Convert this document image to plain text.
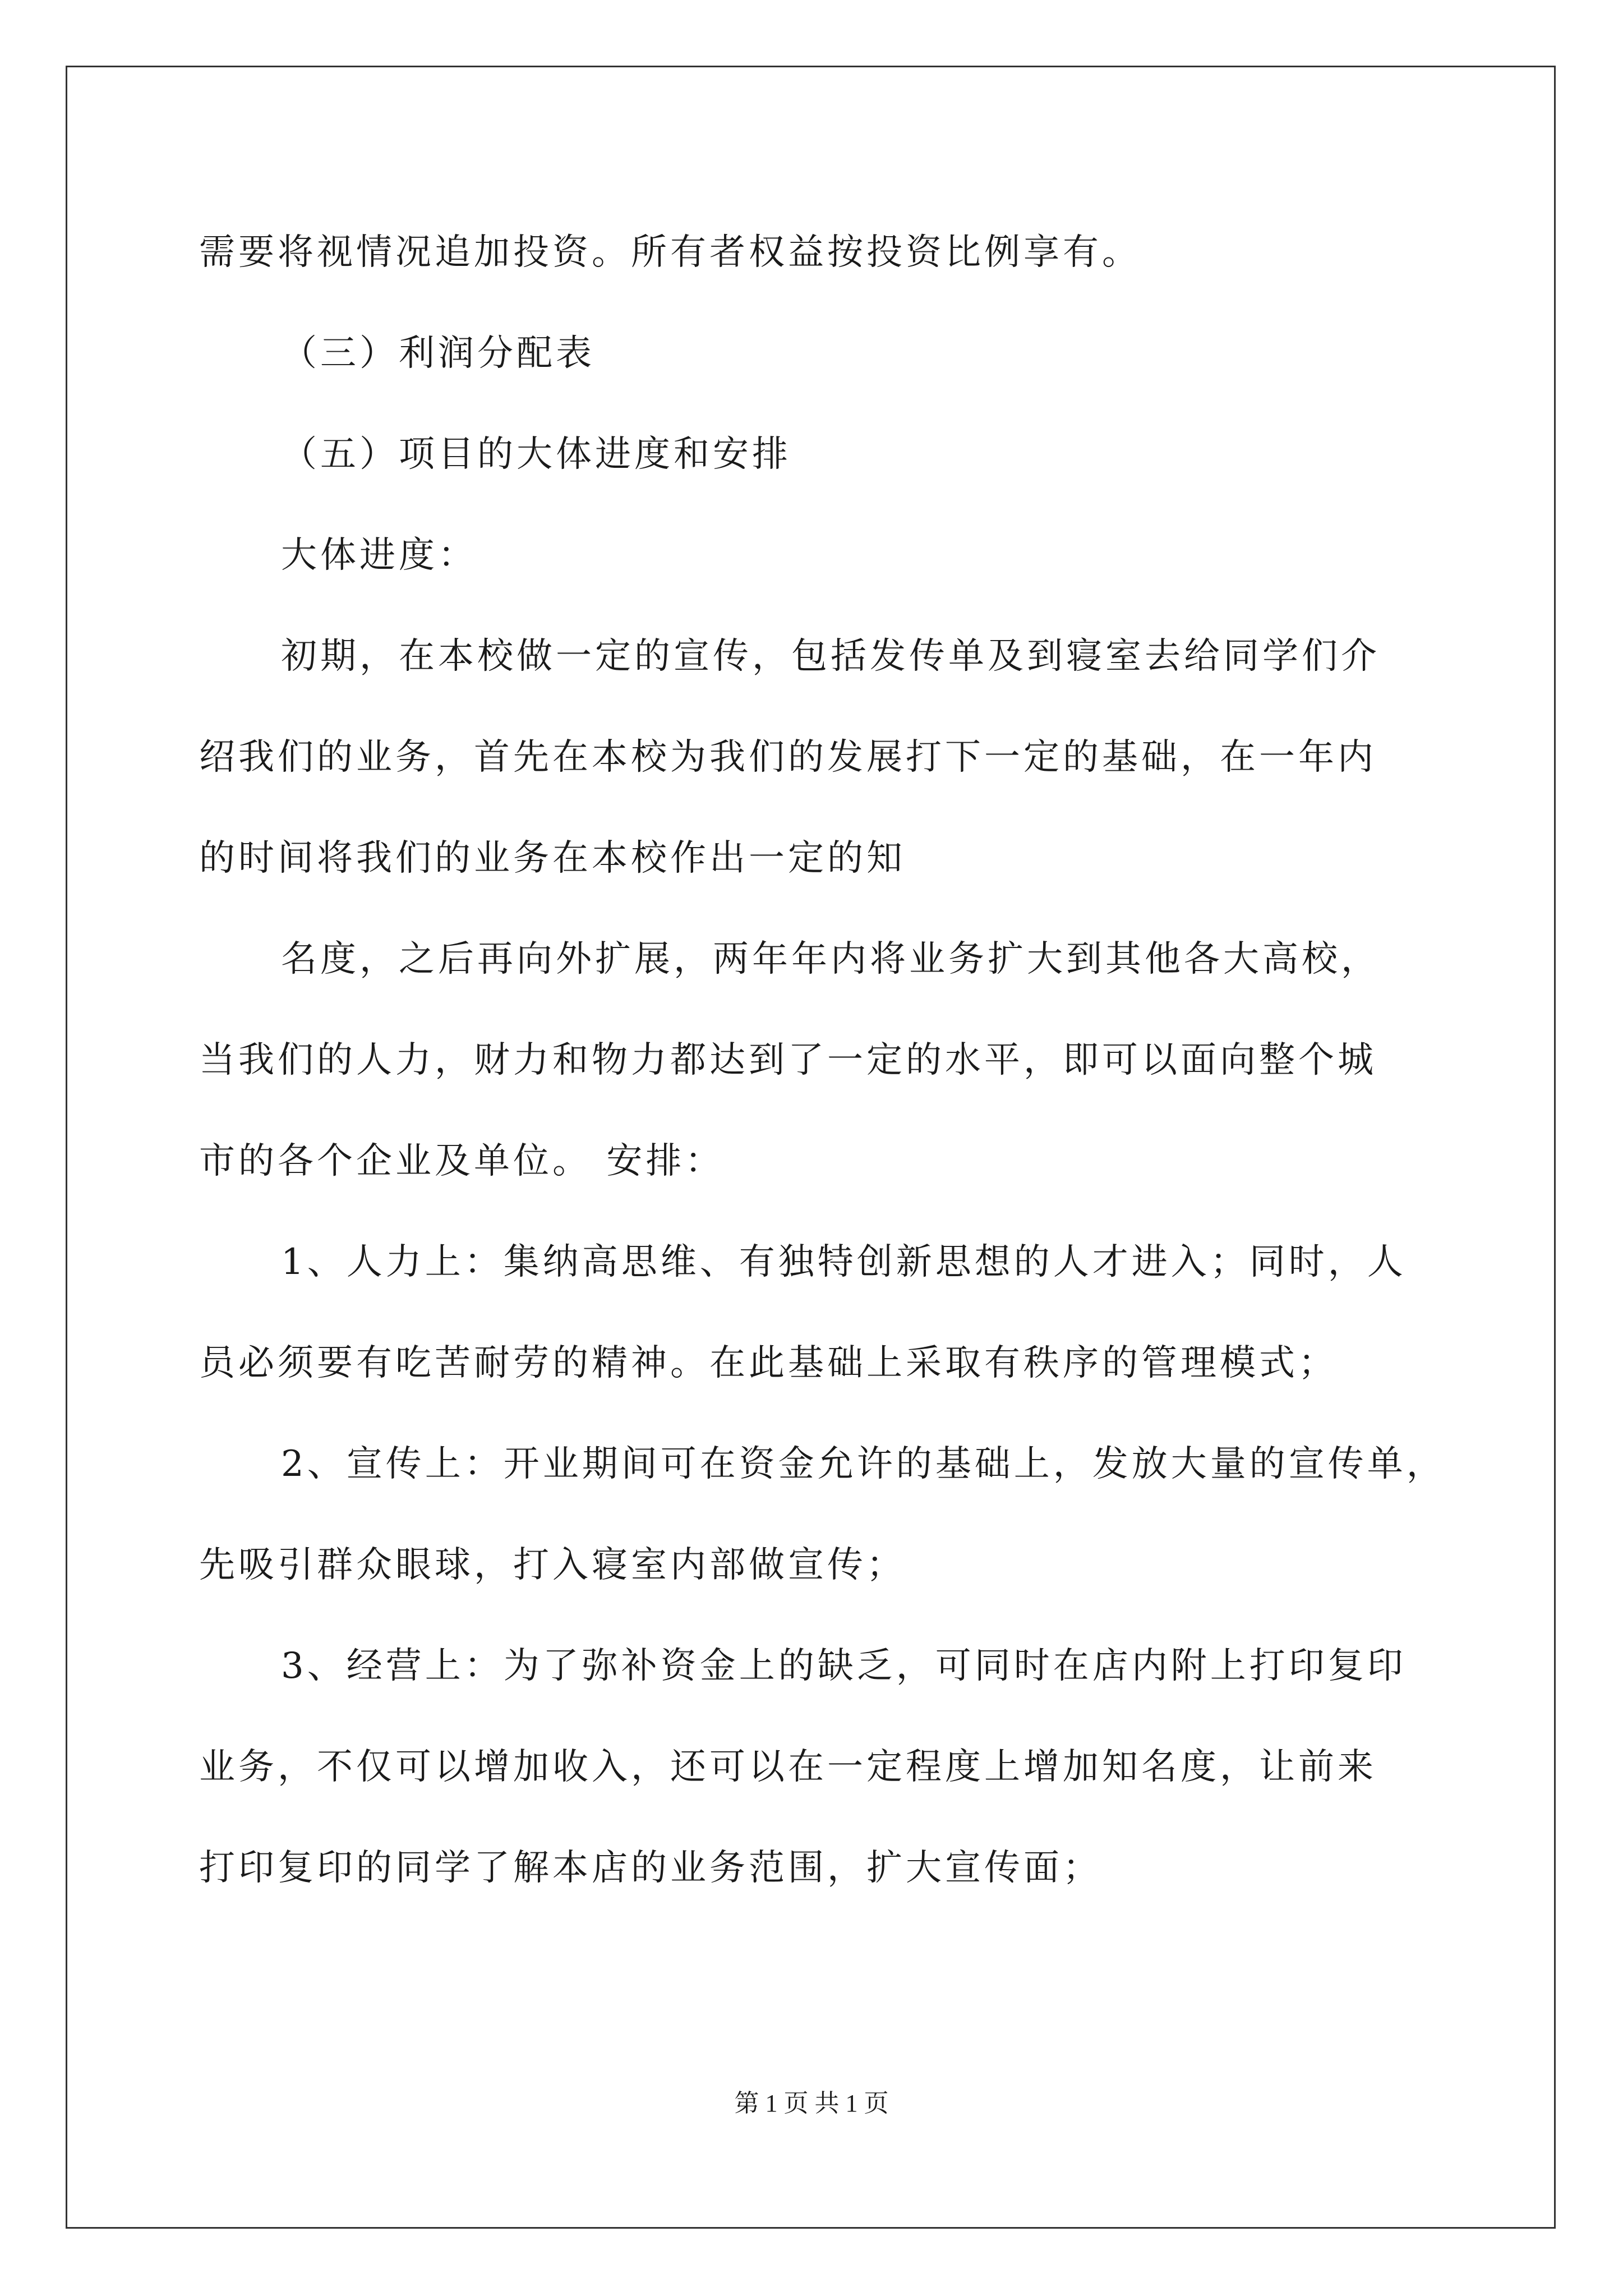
需要将视情况追加投资。所有者权益按投资比例享有。
（三）利润分配表
（五）项目的大体进度和安排
大体进度：
初期，在本校做一定的宣传，包括发传单及到寝室去给同学们介
绍我们的业务，首先在本校为我们的发展打下一定的基础，在一年内
的时间将我们的业务在本校作出一定的知
名度，之后再向外扩展，两年年内将业务扩大到其他各大高校，
当我们的人力，财力和物力都达到了一定的水平，即可以面向整个城
市的各个企业及单位。 安排：
1、人力上：集纳高思维、有独特创新思想的人才进入；同时，人
员必须要有吃苦耐劳的精神。在此基础上采取有秩序的管理模式；
2、宣传上：开业期间可在资金允许的基础上，发放大量的宣传单，
先吸引群众眼球，打入寝室内部做宣传；
3、经营上：为了弥补资金上的缺乏，可同时在店内附上打印复印
业务，不仅可以增加收入，还可以在一定程度上增加知名度，让前来
打印复印的同学了解本店的业务范围，扩大宣传面；
第 1 页 共 1 页
